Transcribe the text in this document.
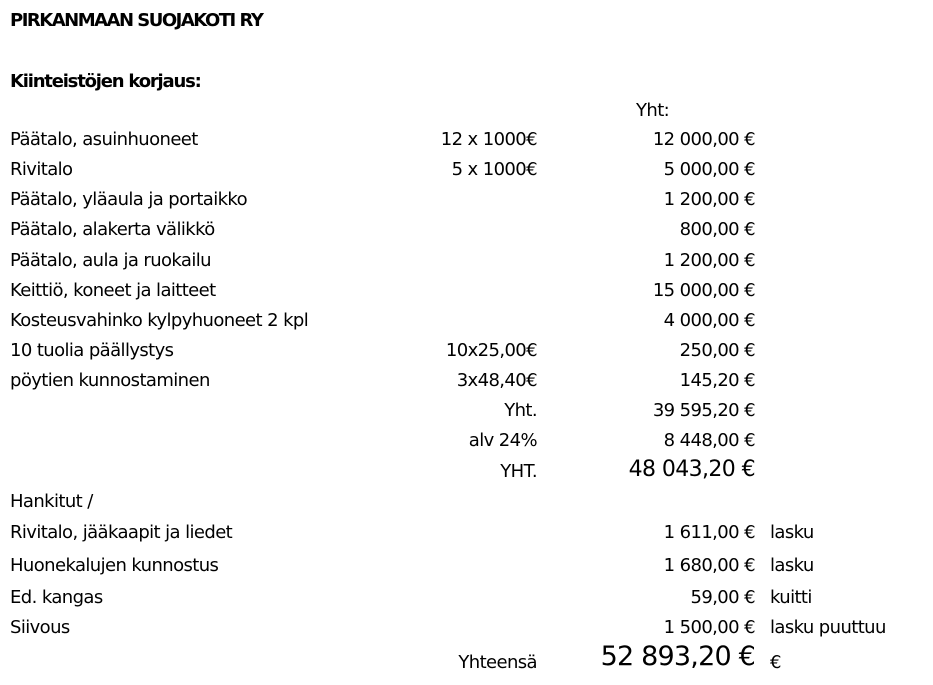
PIRKANMAAN SUOJAKOTI RY
Kiinteistöjen korjaus:
Yht:
Päätalo, asuinhuoneet	12 x 1000€	12 000,00 €
Rivitalo	5 x 1000€	5 000,00 €
Päätalo, yläaula ja portaikko	1 200,00 €
Päätalo, alakerta välikkö	800,00 €
Päätalo, aula ja ruokailu	1 200,00 €
Keittiö, koneet ja laitteet	15 000,00 €
Kosteusvahinko kylpyhuoneet 2 kpl	4 000,00 €
10 tuolia päällystys	10x25,00€	250,00 €
pöytien kunnostaminen	3x48,40€	145,20 €
Yht.	39 595,20 €
alv 24%	8 448,00 €
YHT.	48 043,20 €
Hankitut /
Rivitalo, jääkaapit ja liedet	1 611,00 € lasku
Huonekalujen kunnostus	1 680,00 € lasku
Ed. kangas	59,00 € kuitti
Siivous	1 500,00 € lasku puuttuu
Yhteensä 52 893,20 € €
